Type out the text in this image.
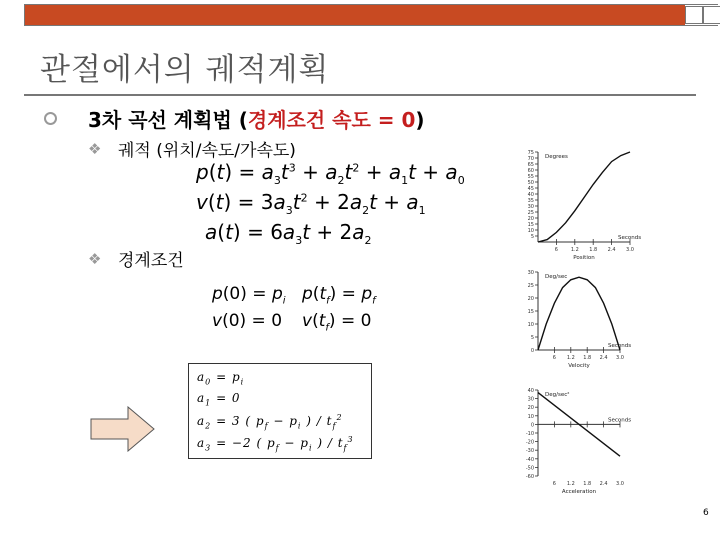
관절에서의 궤적계획
3차 곡선 계획법 (경계조건 속도 = 0)
❖ 궤적 (위치/속도/가속도)
❖ 경계조건
$p(t) = a_3t^3 + a_2t^2 + a_1t + a_0$
$v(t) = 3a_3t^2 + 2a_2t + a_1$
$a(t) = 6a_3t + 2a_2$
$p(0) = p_i$ $p(t_f) = p_f$
v(0) = 0 $v(t_f) = 0$
$a_0 = p_i$
$a_1 = 0$
$a_2 = 3$ ( $p_f - p_i$ ) / $t_f^2$
$a_3 = -2$ ( $p_f - p_i$ ) / $t_f^3$
75
70
65
60
55
50
45
40
35
30
25
20
15
10
5
6	1.2 1.8 2.4 3.0
Degrees
Seconds
Position
30
25
20
15
10
5
0
6 1.2 1.8 2.4 3.0
Deg/sec
Seconds
Velocity
40
30
20
10
0
-10
-20
-30
-40
-50
-60
6 1.2 1.8 2.4 3.0
Deg/sec²
Seconds
Acceleration
6
